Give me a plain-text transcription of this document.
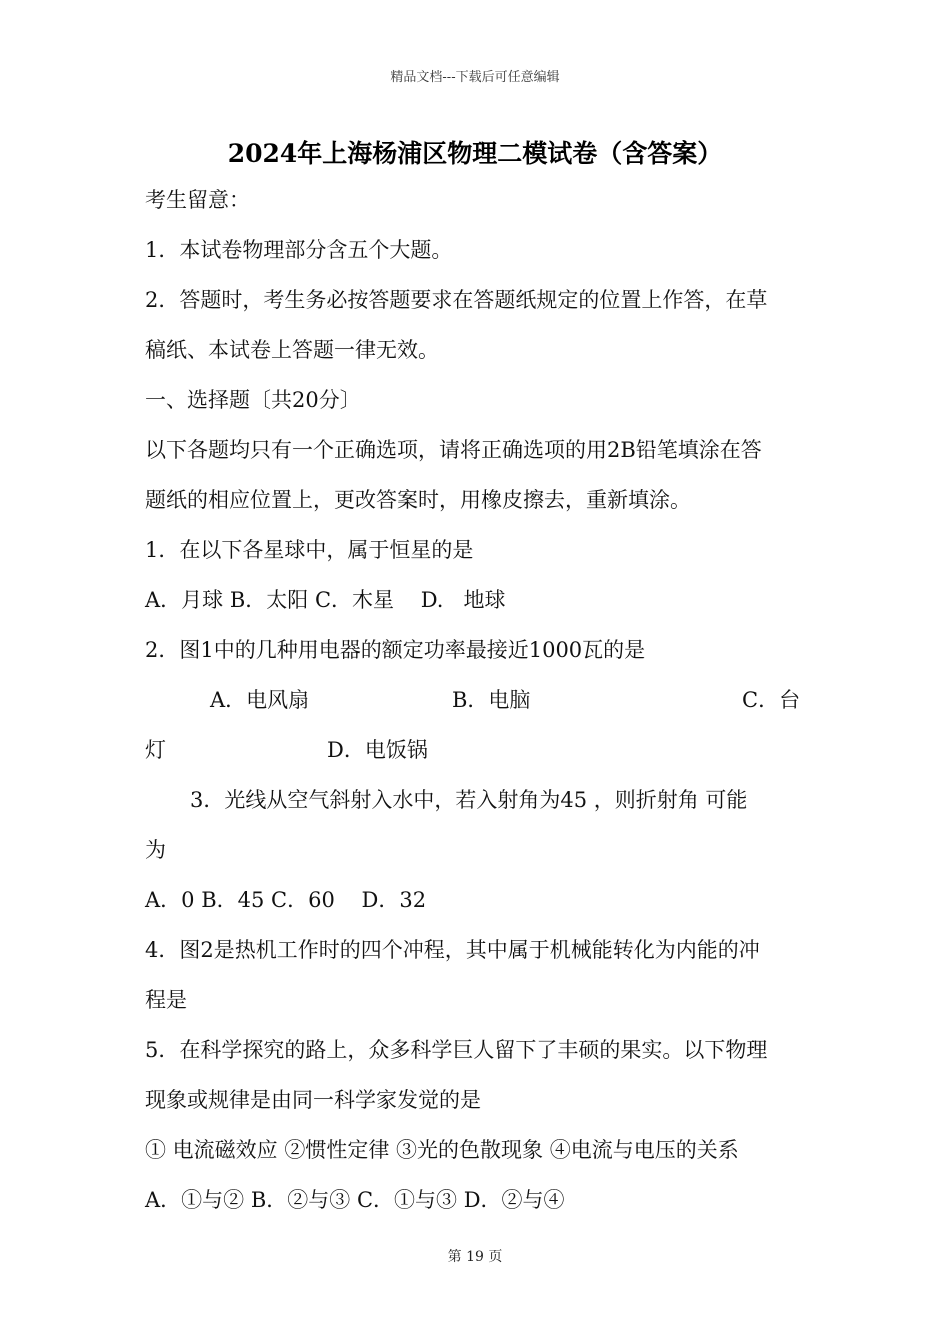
精品文档---下载后可任意编辑
2024年上海杨浦区物理二模试卷（含答案）
考生留意：
1．本试卷物理部分含五个大题。
2．答题时，考生务必按答题要求在答题纸规定的位置上作答，在草
稿纸、本试卷上答题一律无效。
一、选择题〔共20分〕
以下各题均只有一个正确选项，请将正确选项的用2B铅笔填涂在答
题纸的相应位置上，更改答案时，用橡皮擦去，重新填涂。
1．在以下各星球中，属于恒星的是
A．月球 B．太阳 C．木星    D.   地球
2．图1中的几种用电器的额定功率最接近1000瓦的是
A．电风扇	B．电脑	C．台
灯	D．电饭锅
3．光线从空气斜射入水中，若入射角为45 ，则折射角 可能
为
A．0 B．45 C．60    D．32
4．图2是热机工作时的四个冲程，其中属于机械能转化为内能的冲
程是
5．在科学探究的路上，众多科学巨人留下了丰硕的果实。以下物理
现象或规律是由同一科学家发觉的是
① 电流磁效应 ②惯性定律 ③光的色散现象 ④电流与电压的关系
A．①与② B．②与③ C．①与③ D．②与④
第 19 页
